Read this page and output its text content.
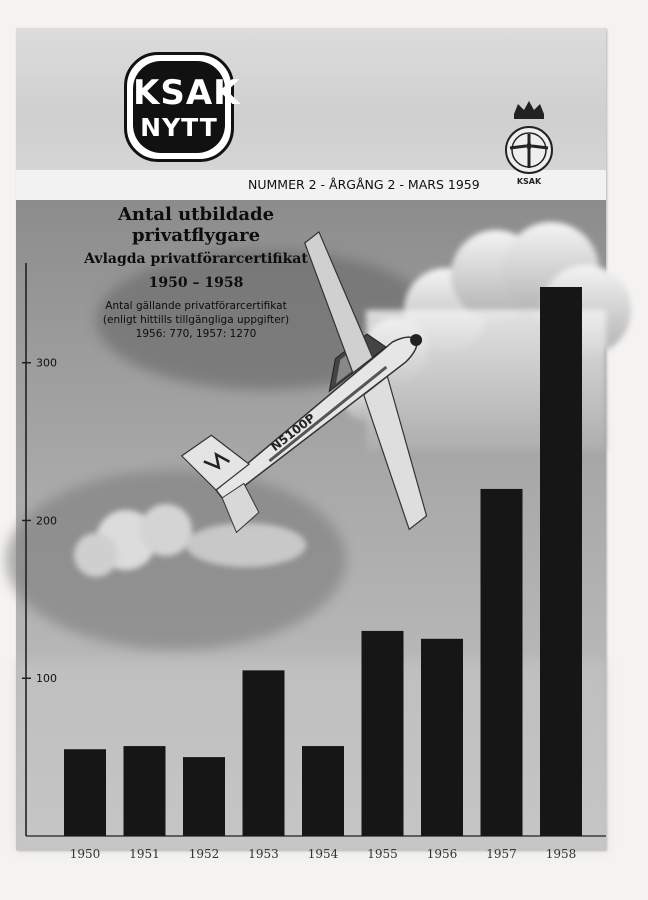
NUMMER 2 - ÅRGÅNG 2 - MARS 1959
KSAK
NYTT
KSAK
N5100P
Antal utbildade
privatflygare
Avlagda privatförarcertifikat
1950 – 1958
Antal gällande privatförarcertifikat
(enligt hittills tillgängliga uppgifter)
1956: 770, 1957: 1270
100
200
300
1950 1951 1952 1953 1954 1955 1956 1957 1958
